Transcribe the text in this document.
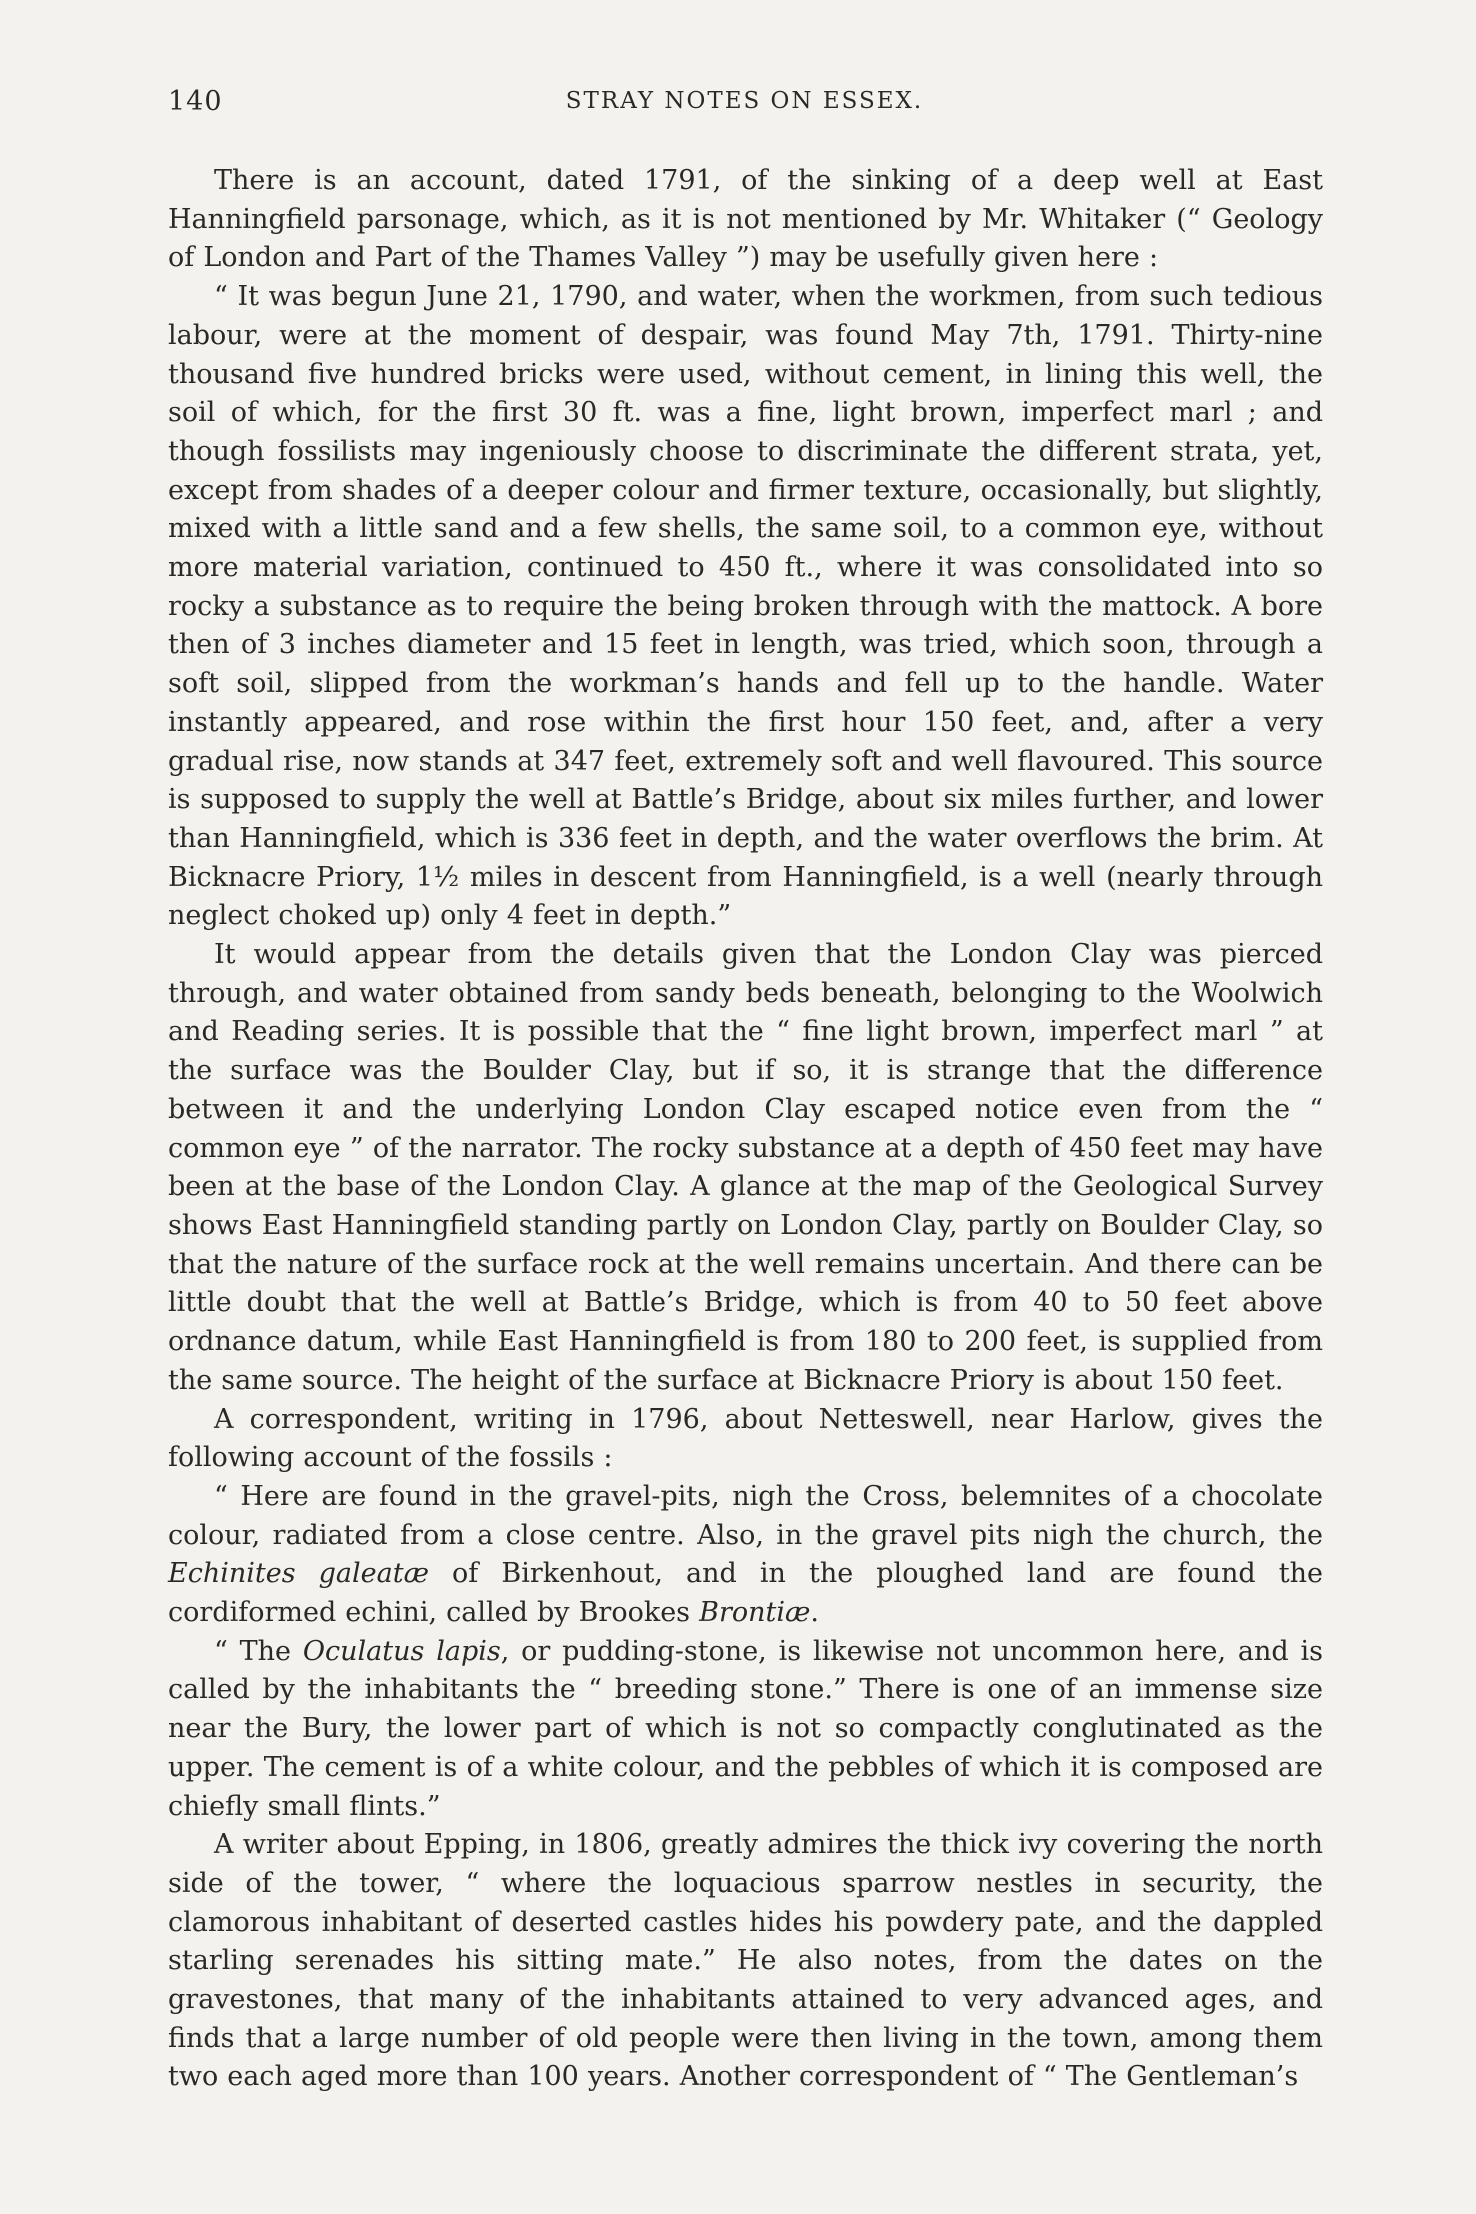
140	STRAY NOTES ON ESSEX.

There is an account, dated 1791, of the sinking of a deep well at East Hanningfield parsonage, which, as it is not mentioned by Mr. Whitaker (“ Geology of London and Part of the Thames Valley ”) may be usefully given here :

“ It was begun June 21, 1790, and water, when the workmen, from such tedious labour, were at the moment of despair, was found May 7th, 1791. Thirty-nine thousand five hundred bricks were used, without cement, in lining this well, the soil of which, for the first 30 ft. was a fine, light brown, imperfect marl ; and though fossilists may ingeniously choose to discriminate the different strata, yet, except from shades of a deeper colour and firmer texture, occasionally, but slightly, mixed with a little sand and a few shells, the same soil, to a common eye, without more material variation, continued to 450 ft., where it was consolidated into so rocky a substance as to require the being broken through with the mattock. A bore then of 3 inches diameter and 15 feet in length, was tried, which soon, through a soft soil, slipped from the workman’s hands and fell up to the handle. Water instantly appeared, and rose within the first hour 150 feet, and, after a very gradual rise, now stands at 347 feet, extremely soft and well flavoured. This source is supposed to supply the well at Battle’s Bridge, about six miles further, and lower than Hanningfield, which is 336 feet in depth, and the water overflows the brim. At Bicknacre Priory, 1½ miles in descent from Hanningfield, is a well (nearly through neglect choked up) only 4 feet in depth.”

It would appear from the details given that the London Clay was pierced through, and water obtained from sandy beds beneath, belonging to the Woolwich and Reading series. It is possible that the “ fine light brown, imperfect marl ” at the surface was the Boulder Clay, but if so, it is strange that the difference between it and the underlying London Clay escaped notice even from the “ common eye ” of the narrator. The rocky substance at a depth of 450 feet may have been at the base of the London Clay. A glance at the map of the Geological Survey shows East Hanningfield standing partly on London Clay, partly on Boulder Clay, so that the nature of the surface rock at the well remains uncertain. And there can be little doubt that the well at Battle’s Bridge, which is from 40 to 50 feet above ordnance datum, while East Hanningfield is from 180 to 200 feet, is supplied from the same source. The height of the surface at Bicknacre Priory is about 150 feet.

A correspondent, writing in 1796, about Netteswell, near Harlow, gives the following account of the fossils :

“ Here are found in the gravel-pits, nigh the Cross, belemnites of a chocolate colour, radiated from a close centre. Also, in the gravel pits nigh the church, the Echinites galeatæ of Birkenhout, and in the ploughed land are found the cordiformed echini, called by Brookes Brontiæ.

“ The Oculatus lapis, or pudding-stone, is likewise not uncommon here, and is called by the inhabitants the “ breeding stone.” There is one of an immense size near the Bury, the lower part of which is not so compactly conglutinated as the upper. The cement is of a white colour, and the pebbles of which it is composed are chiefly small flints.”

A writer about Epping, in 1806, greatly admires the thick ivy covering the north side of the tower, “ where the loquacious sparrow nestles in security, the clamorous inhabitant of deserted castles hides his powdery pate, and the dappled starling serenades his sitting mate.” He also notes, from the dates on the gravestones, that many of the inhabitants attained to very advanced ages, and finds that a large number of old people were then living in the town, among them two each aged more than 100 years. Another correspondent of “ The Gentleman’s
